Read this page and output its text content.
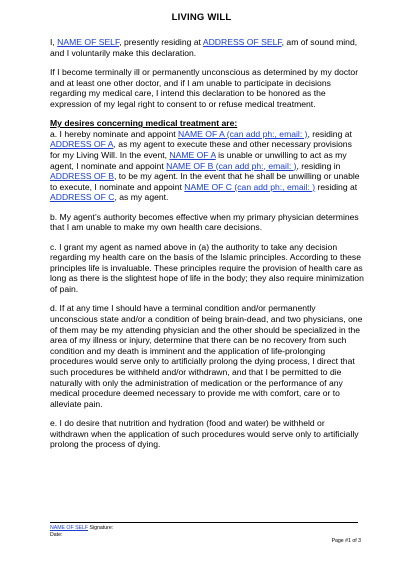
LIVING WILL

I, NAME OF SELF, presently residing at ADDRESS OF SELF, am of sound mind, and I voluntarily make this declaration.

If I become terminally ill or permanently unconscious as determined by my doctor and at least one other doctor, and if I am unable to participate in decisions regarding my medical care, I intend this declaration to be honored as the expression of my legal right to consent to or refuse medical treatment.

My desires concerning medical treatment are:

a. I hereby nominate and appoint NAME OF A (can add ph:, email: ), residing at ADDRESS OF A, as my agent to execute these and other necessary provisions for my Living Will. In the event, NAME OF A is unable or unwilling to act as my agent, I nominate and appoint NAME OF B (can add ph:, email: ), residing in ADDRESS OF B, to be my agent. In the event that he shall be unwilling or unable to execute, I nominate and appoint NAME OF C (can add ph:, email: ) residing at ADDRESS OF C, as my agent.

b. My agent’s authority becomes effective when my primary physician determines that I am unable to make my own health care decisions.

c. I grant my agent as named above in (a) the authority to take any decision regarding my health care on the basis of the Islamic principles. According to these principles life is invaluable. These principles require the provision of health care as long as there is the slightest hope of life in the body; they also require minimization of pain.

d. If at any time I should have a terminal condition and/or permanently unconscious state and/or a condition of being brain-dead, and two physicians, one of them may be my attending physician and the other should be specialized in the area of my illness or injury, determine that there can be no recovery from such condition and my death is imminent and the application of life-prolonging procedures would serve only to artificially prolong the dying process, I direct that such procedures be withheld and/or withdrawn, and that I be permitted to die naturally with only the administration of medication or the performance of any medical procedure deemed necessary to provide me with comfort, care or to alleviate pain.

e. I do desire that nutrition and hydration (food and water) be withheld or withdrawn when the application of such procedures would serve only to artificially prolong the process of dying.

NAME OF SELF Signature:
Date:
Page #1 of 3
